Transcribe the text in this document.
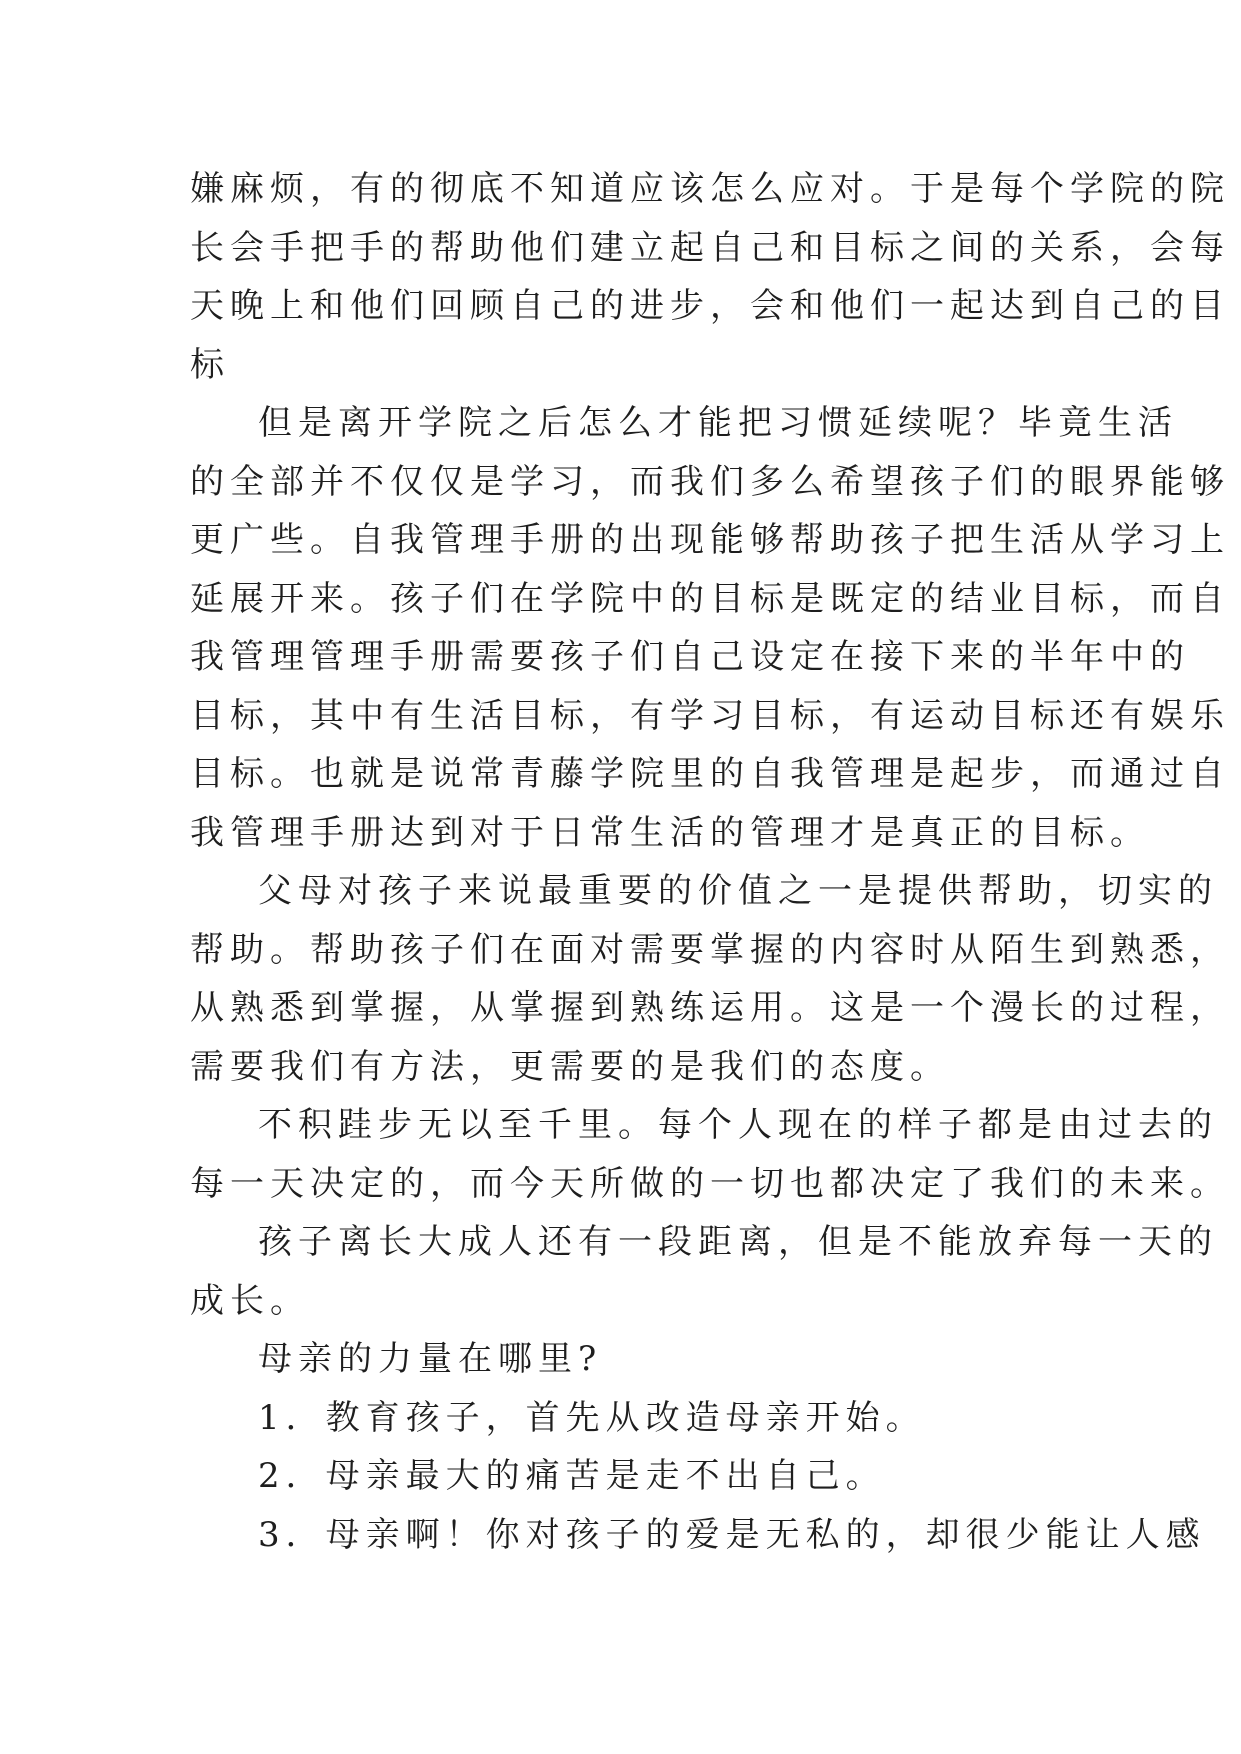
嫌麻烦，有的彻底不知道应该怎么应对。于是每个学院的院
长会手把手的帮助他们建立起自己和目标之间的关系，会每
天晚上和他们回顾自己的进步，会和他们一起达到自己的目
标
但是离开学院之后怎么才能把习惯延续呢？毕竟生活
的全部并不仅仅是学习，而我们多么希望孩子们的眼界能够
更广些。自我管理手册的出现能够帮助孩子把生活从学习上
延展开来。孩子们在学院中的目标是既定的结业目标，而自
我管理管理手册需要孩子们自己设定在接下来的半年中的
目标，其中有生活目标，有学习目标，有运动目标还有娱乐
目标。也就是说常青藤学院里的自我管理是起步，而通过自
我管理手册达到对于日常生活的管理才是真正的目标。
父母对孩子来说最重要的价值之一是提供帮助，切实的
帮助。帮助孩子们在面对需要掌握的内容时从陌生到熟悉，
从熟悉到掌握，从掌握到熟练运用。这是一个漫长的过程，
需要我们有方法，更需要的是我们的态度。
不积跬步无以至千里。每个人现在的样子都是由过去的
每一天决定的，而今天所做的一切也都决定了我们的未来。
孩子离长大成人还有一段距离，但是不能放弃每一天的
成长。
母亲的力量在哪里?
1．教育孩子，首先从改造母亲开始。
2．母亲最大的痛苦是走不出自己。
3．母亲啊！你对孩子的爱是无私的，却很少能让人感
